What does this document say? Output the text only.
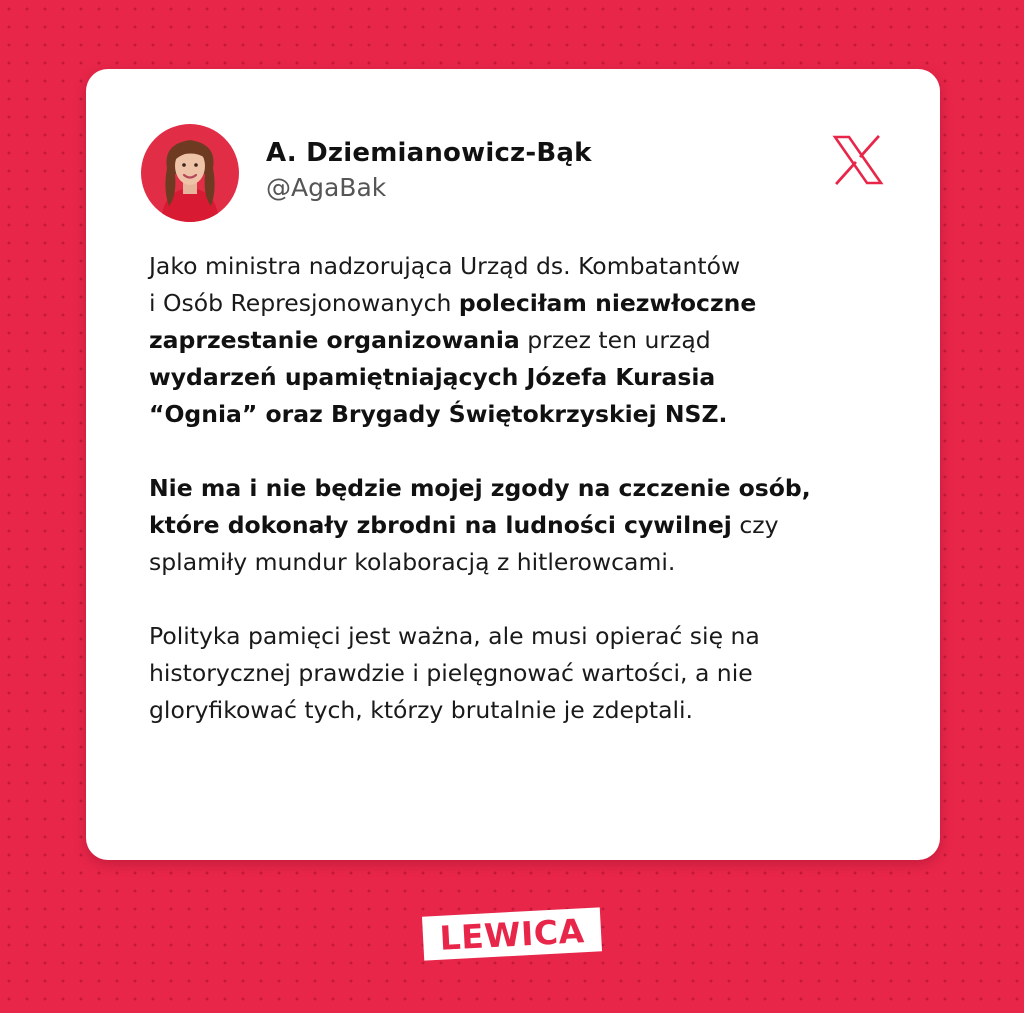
A. Dziemianowicz-Bąk
@AgaBak

Jako ministra nadzorująca Urząd ds. Kombatantów
i Osób Represjonowanych poleciłam niezwłoczne
zaprzestanie organizowania przez ten urząd
wydarzeń upamiętniających Józefa Kurasia
“Ognia” oraz Brygady Świętokrzyskiej NSZ.

Nie ma i nie będzie mojej zgody na czczenie osób,
które dokonały zbrodni na ludności cywilnej czy
splamiły mundur kolaboracją z hitlerowcami.

Polityka pamięci jest ważna, ale musi opierać się na
historycznej prawdzie i pielęgnować wartości, a nie
gloryfikować tych, którzy brutalnie je zdeptali.

LEWICA
